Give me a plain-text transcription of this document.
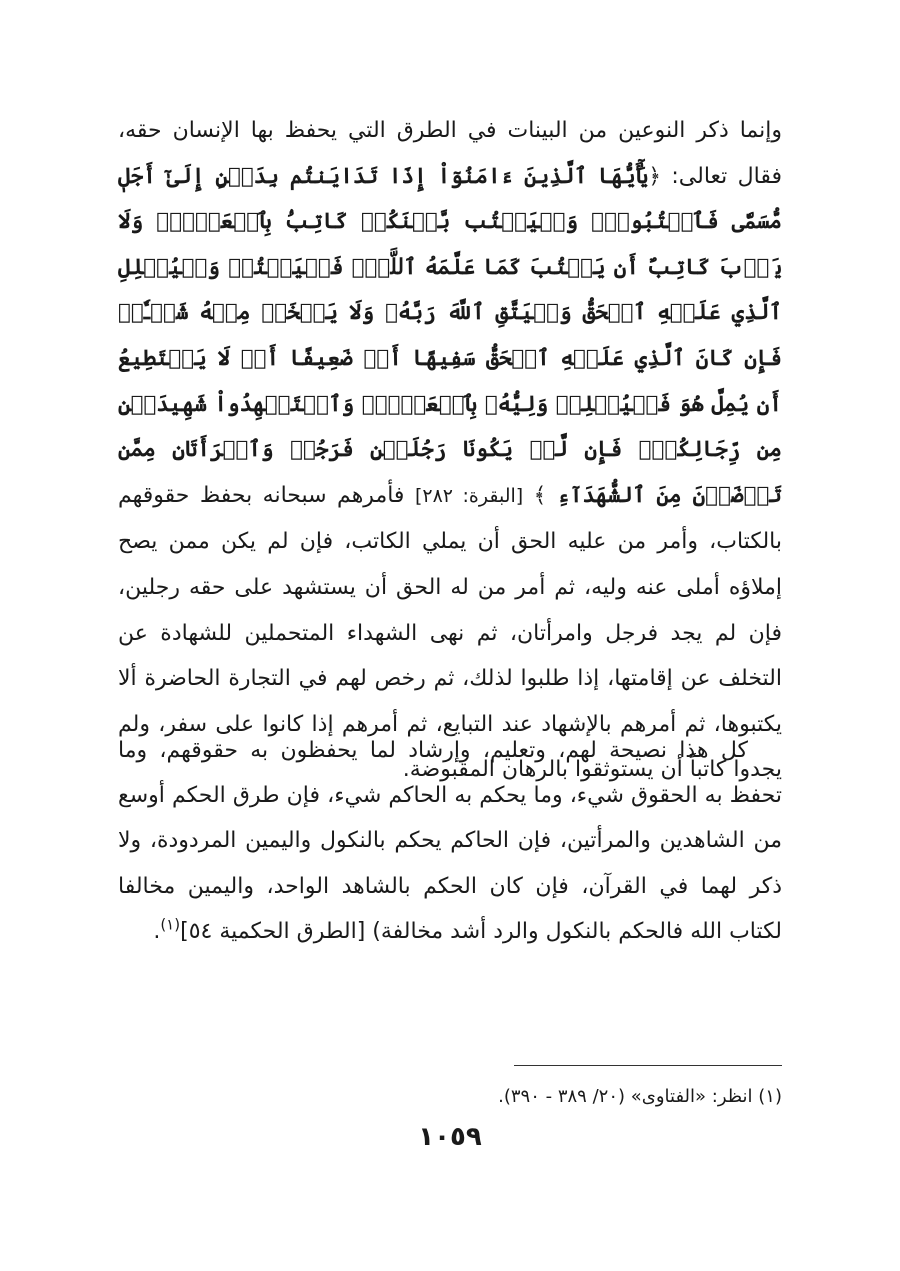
وإنما ذكر النوعين من البينات في الطرق التي يحفظ بها الإنسان حقه، فقال تعالى: ﴿يَٰٓأَيُّهَا ٱلَّذِينَ ءَامَنُوٓاْ إِذَا تَدَايَنتُم بِدَيۡنٍ إِلَىٰٓ أَجَلٖ مُّسَمّٗى فَٱكۡتُبُوهُۚ وَلۡيَكۡتُب بَّيۡنَكُمۡ كَاتِبُۢ بِٱلۡعَدۡلِۚ وَلَا يَأۡبَ كَاتِبٌ أَن يَكۡتُبَ كَمَا عَلَّمَهُ ٱللَّهُۚ فَلۡيَكۡتُبۡ وَلۡيُمۡلِلِ ٱلَّذِي عَلَيۡهِ ٱلۡحَقُّ وَلۡيَتَّقِ ٱللَّهَ رَبَّهُۥ وَلَا يَبۡخَسۡ مِنۡهُ شَيۡـٔٗاۚ فَإِن كَانَ ٱلَّذِي عَلَيۡهِ ٱلۡحَقُّ سَفِيهًا أَوۡ ضَعِيفًا أَوۡ لَا يَسۡتَطِيعُ أَن يُمِلَّ هُوَ فَلۡيُمۡلِلۡ وَلِيُّهُۥ بِٱلۡعَدۡلِۚ وَٱسۡتَشۡهِدُواْ شَهِيدَيۡنِ مِن رِّجَالِكُمۡۖ فَإِن لَّمۡ يَكُونَا رَجُلَيۡنِ فَرَجُلٞ وَٱمۡرَأَتَانِ مِمَّن تَرۡضَوۡنَ مِنَ ٱلشُّهَدَآءِ ﴾ [البقرة: ٢٨٢] فأمرهم سبحانه بحفظ حقوقهم بالكتاب، وأمر من عليه الحق أن يملي الكاتب، فإن لم يكن ممن يصح إملاؤه أملى عنه وليه، ثم أمر من له الحق أن يستشهد على حقه رجلين، فإن لم يجد فرجل وامرأتان، ثم نهى الشهداء المتحملين للشهادة عن التخلف عن إقامتها، إذا طلبوا لذلك، ثم رخص لهم في التجارة الحاضرة ألا يكتبوها، ثم أمرهم بالإشهاد عند التبايع، ثم أمرهم إذا كانوا على سفر، ولم يجدوا كاتباً أن يستوثقوا بالرهان المقبوضة.

كل هذا نصيحة لهم، وتعليم، وإرشاد لما يحفظون به حقوقهم، وما تحفظ به الحقوق شيء، وما يحكم به الحاكم شيء، فإن طرق الحكم أوسع من الشاهدين والمرأتين، فإن الحاكم يحكم بالنكول واليمين المردودة، ولا ذكر لهما في القرآن، فإن كان الحكم بالشاهد الواحد، واليمين مخالفا لكتاب الله فالحكم بالنكول والرد أشد مخالفة) [الطرق الحكمية ٥٤]$^{(١)}$.

(١) انظر: «الفتاوى» (٢٠/ ٣٨٩ - ٣٩٠).
١٠٥٩
